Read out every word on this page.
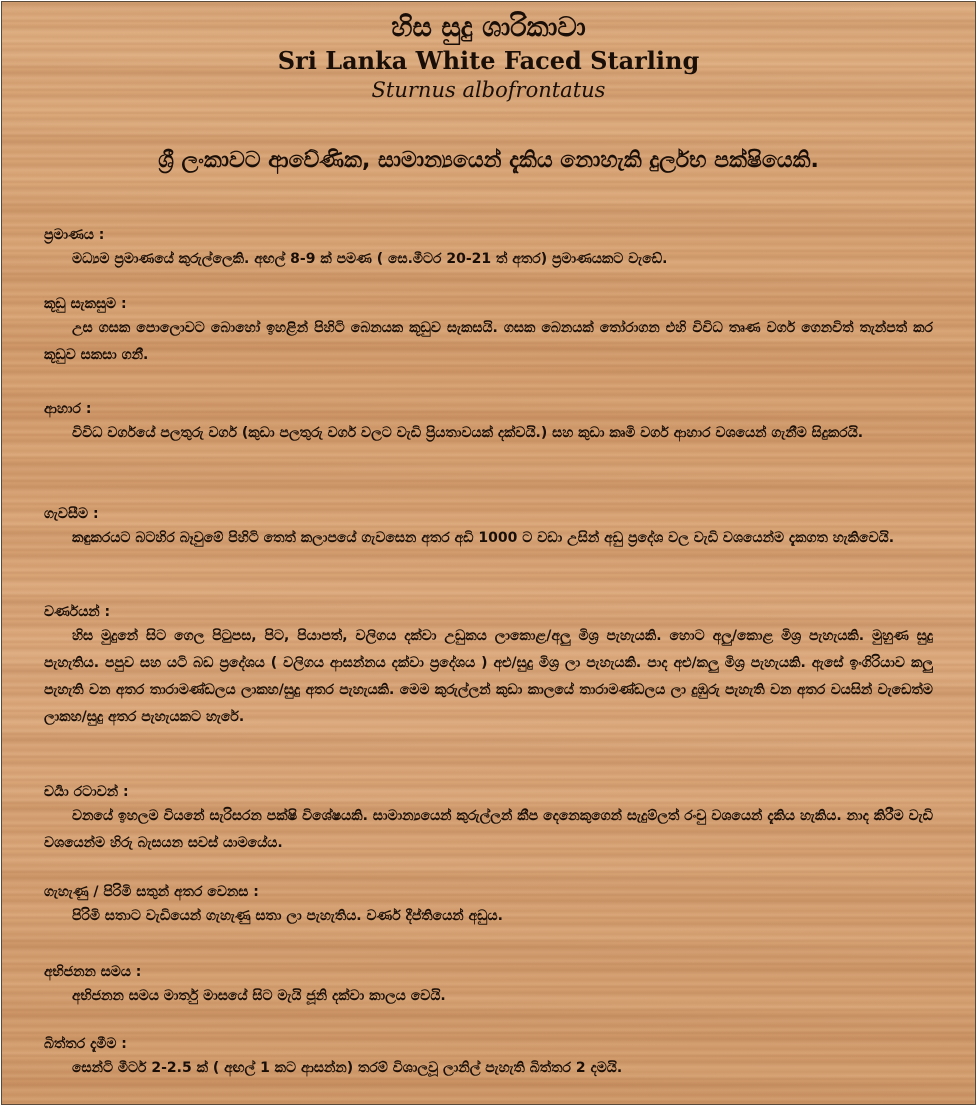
හිස සුදු ශාරිකාවා

Sri Lanka White Faced Starling

Sturnus albofrontatus

ශ්‍රී ලංකාවට ආවේණික, සාමාන්‍යයෙන් දැකිය නොහැකි දුර්ලභ පක්ෂියෙකි.

ප්‍රමාණය :

මධ්‍යම ප්‍රමාණයේ කුරුල්ලෙකි. අඟල් 8-9 ක් පමණ ( සෙ.මීටර 20-21 ත් අතර) ප්‍රමාණයකට වැඩේ.

කූඩු සැකසුම :

උස ගසක පොලොවට බොහෝ ඉහළින් පිහිටි බෙනයක කූඩුව සැකසයි. ගසක බෙනයක් තෝරාගන එහි විවිධ තෘණ වර්ග ගෙනවිත් තැන්පත් කර කූඩුව සකසා ගනී.

ආහාර :

විවිධ වර්ගයේ පලතුරු වර්ග (කුඩා පලතුරු වර්ග වලට වැඩි ප්‍රියතාවයක් දක්වයි.) සහ කුඩා කෘමි වර්ග ආහාර වශයෙන් ගැනීම සිදුකරයි.

ගැවසීම :

කඳුකරයට බටහිර බෑවුමේ පිහිටි තෙත් කලාපයේ ගැවසෙන අතර අඩි 1000 ට වඩා උසින් අඩු ප්‍රදේශ වල වැඩි වශයෙන්ම දැකගත හැකිවෙයි.

වර්ණයන් :

හිස මුදුනේ සිට ගෙල පිටුපස, පිට, පියාපත්, වලිගය දක්වා උඩුකය ලාකොළ/අලු මිශ්‍ර පැහැයකි. හොට අලු/කොළ මිශ්‍ර පැහැයකි. මුහුණ සුදු පැහැතිය. පපුව සහ යටි බඩ ප්‍රදේශය ( වලිගය ආසන්නය දක්වා ප්‍රදේශය ) අළු/සුදු මිශ්‍ර ලා පැහැයකි. පාද අළු/කලු මිශ්‍ර පැහැයකි. ඇසේ ඉංගිරියාව කලු පැහැති වන අතර තාරාමණ්ඩලය ලාකහ/සුදු අතර පැහැයකි. මෙම කුරුල්ලන් කුඩා කාලයේ තාරාමණ්ඩලය ලා දුඹුරු පැහැති වන අතර වයසින් වැඩෙත්ම ලාකහ/සුදු අතර පැහැයකට හැරේ.

චර්‍යා රටාවන් :

වනයේ ඉහලම වියනේ සැරිසරන පක්ෂි විශේෂයකි. සාමාන්‍යයෙන් කුරුල්ලන් කීප දෙනෙකුගෙන් සැදුම්ලත් රංචු වශයෙන් දැකිය හැකිය. නාද කිරීම වැඩි වශයෙන්ම හිරු බැසයන සවස් යාමයේය.

ගැහැණු / පිරිමි සතුන් අතර වෙනස :

පිරිමි සතාට වැඩියෙන් ගැහැණු සතා ලා පැහැතිය. වර්ණ දීප්තියෙන් අඩුය.

අභිජනන සමය :

අභිජනන සමය මාර්තු මාසයේ සිට මැයි ජූනි දක්වා කාලය වෙයි.

බිත්තර දැමීම :

සෙන්ටි මීටර් 2-2.5 ක් ( අඟල් 1 කට ආසන්න) තරම් විශාලවූ ලානිල් පැහැති බිත්තර 2 දමයි.
